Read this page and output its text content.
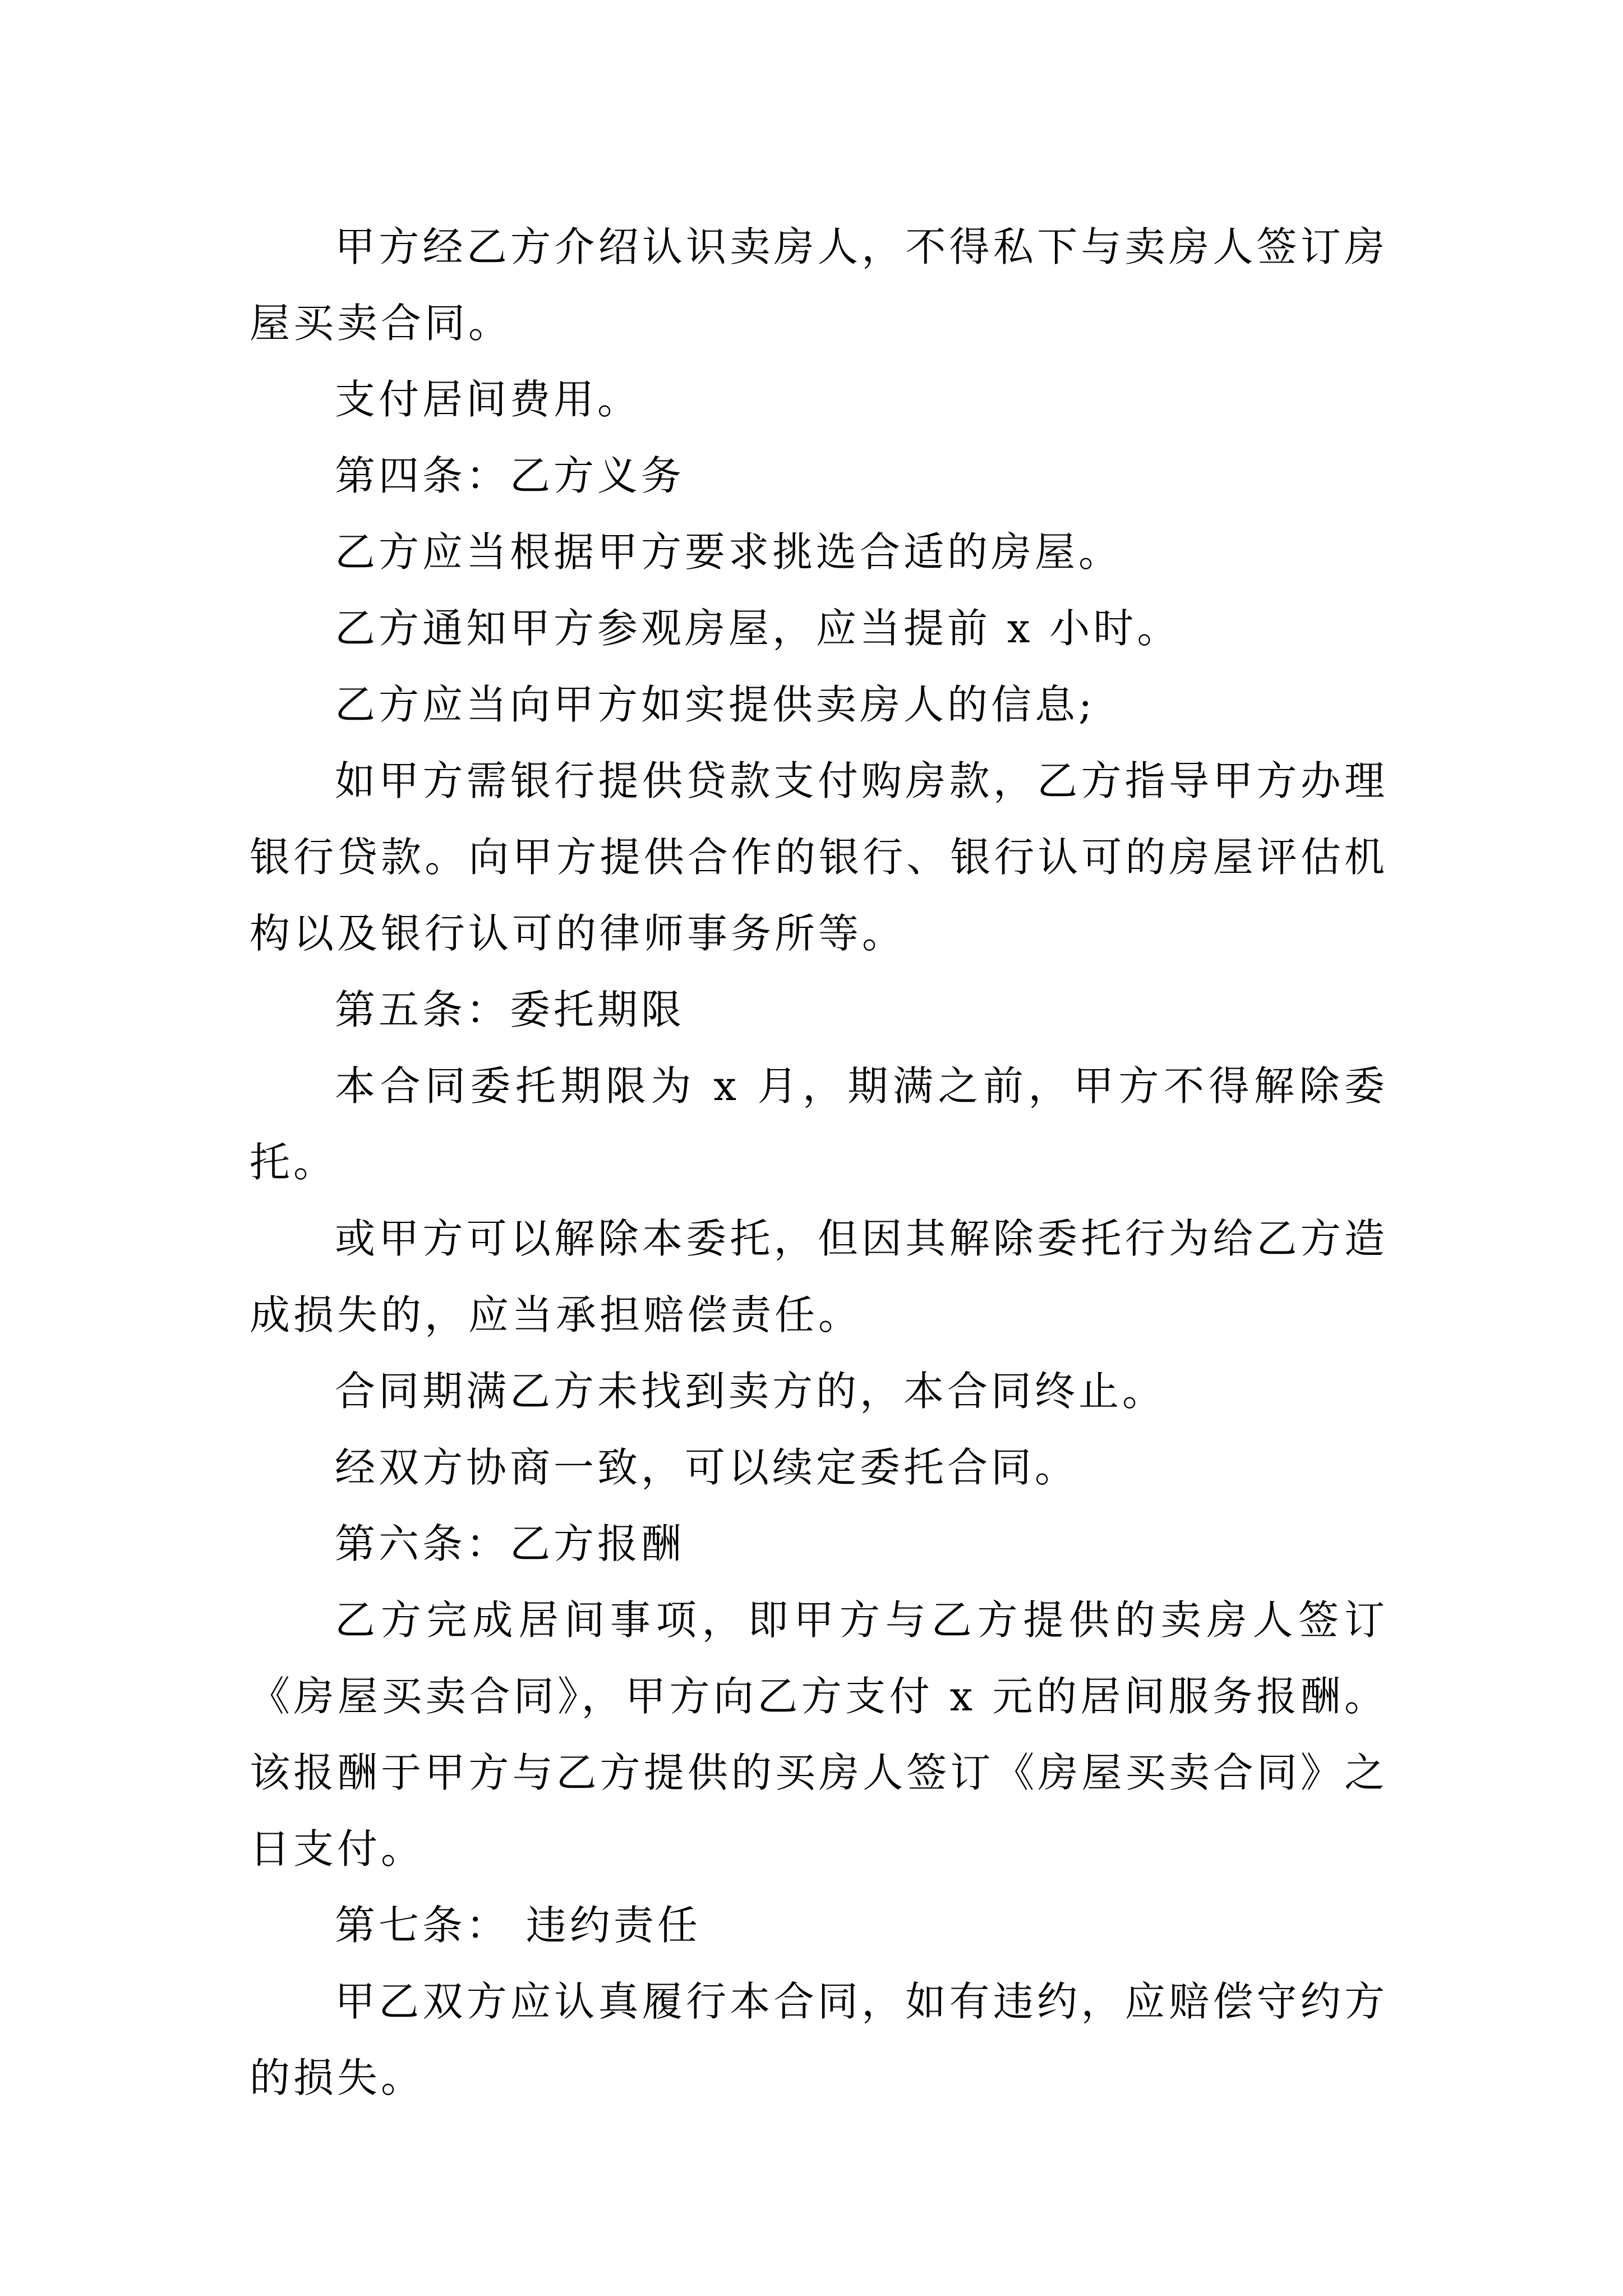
甲方经乙方介绍认识卖房人，不得私下与卖房人签订房屋买卖合同。

支付居间费用。

第四条：乙方义务

乙方应当根据甲方要求挑选合适的房屋。

乙方通知甲方参观房屋，应当提前 x 小时。

乙方应当向甲方如实提供卖房人的信息;

如甲方需银行提供贷款支付购房款，乙方指导甲方办理银行贷款。向甲方提供合作的银行、银行认可的房屋评估机构以及银行认可的律师事务所等。

第五条：委托期限

本合同委托期限为 x 月，期满之前，甲方不得解除委托。

或甲方可以解除本委托，但因其解除委托行为给乙方造成损失的，应当承担赔偿责任。

合同期满乙方未找到卖方的，本合同终止。

经双方协商一致，可以续定委托合同。

第六条：乙方报酬

乙方完成居间事项，即甲方与乙方提供的卖房人签订《房屋买卖合同》，甲方向乙方支付 x 元的居间服务报酬。该报酬于甲方与乙方提供的买房人签订《房屋买卖合同》之日支付。

第七条： 违约责任

甲乙双方应认真履行本合同，如有违约，应赔偿守约方的损失。
